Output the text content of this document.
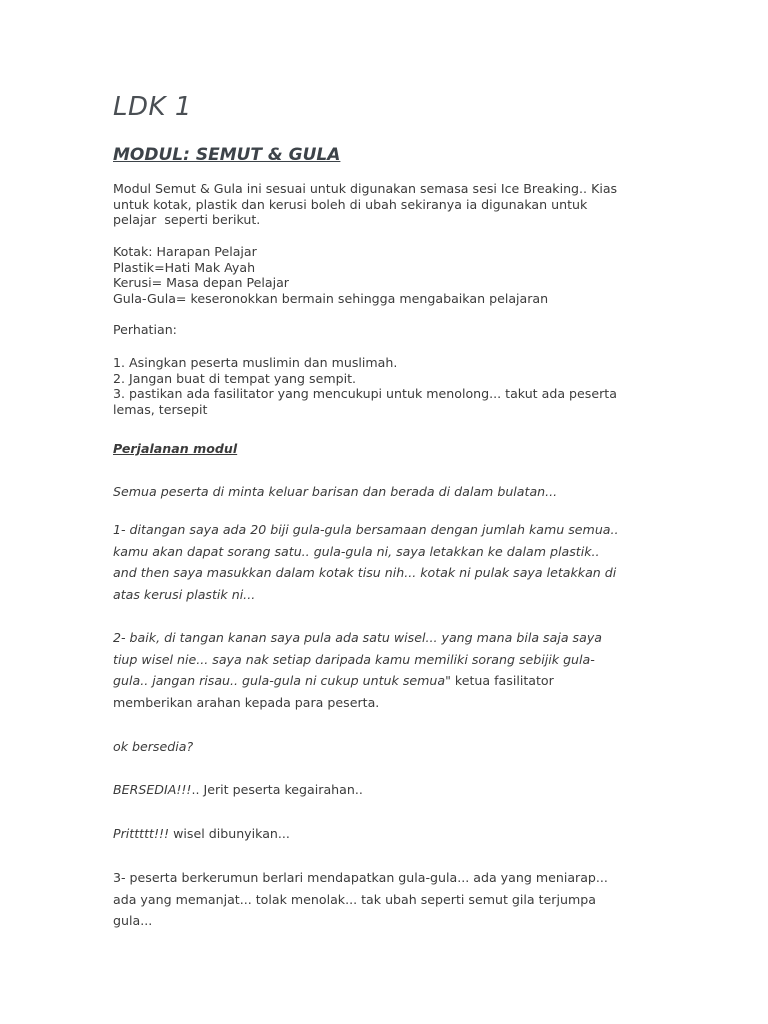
LDK 1
MODUL: SEMUT & GULA

Modul Semut & Gula ini sesuai untuk digunakan semasa sesi Ice Breaking.. Kias

untuk kotak, plastik dan kerusi boleh di ubah sekiranya ia digunakan untuk

pelajar  seperti berikut.

Kotak: Harapan Pelajar

Plastik=Hati Mak Ayah

Kerusi= Masa depan Pelajar

Gula-Gula= keseronokkan bermain sehingga mengabaikan pelajaran

Perhatian:

1. Asingkan peserta muslimin dan muslimah.

2. Jangan buat di tempat yang sempit.

3. pastikan ada fasilitator yang mencukupi untuk menolong... takut ada peserta

lemas, tersepit

Perjalanan modul

Semua peserta di minta keluar barisan dan berada di dalam bulatan...

1- ditangan saya ada 20 biji gula-gula bersamaan dengan jumlah kamu semua..
kamu akan dapat sorang satu.. gula-gula ni, saya letakkan ke dalam plastik..
and then saya masukkan dalam kotak tisu nih... kotak ni pulak saya letakkan di
atas kerusi plastik ni...
2- baik, di tangan kanan saya pula ada satu wisel... yang mana bila saja saya
tiup wisel nie... saya nak setiap daripada kamu memiliki sorang sebijik gula-
gula.. jangan risau.. gula-gula ni cukup untuk semua" ketua fasilitator
memberikan arahan kepada para peserta.

ok bersedia?

BERSEDIA!!!.. Jerit peserta kegairahan..

Prittttt!!! wisel dibunyikan...

3- peserta berkerumun berlari mendapatkan gula-gula... ada yang meniarap...
ada yang memanjat... tolak menolak... tak ubah seperti semut gila terjumpa
gula...
